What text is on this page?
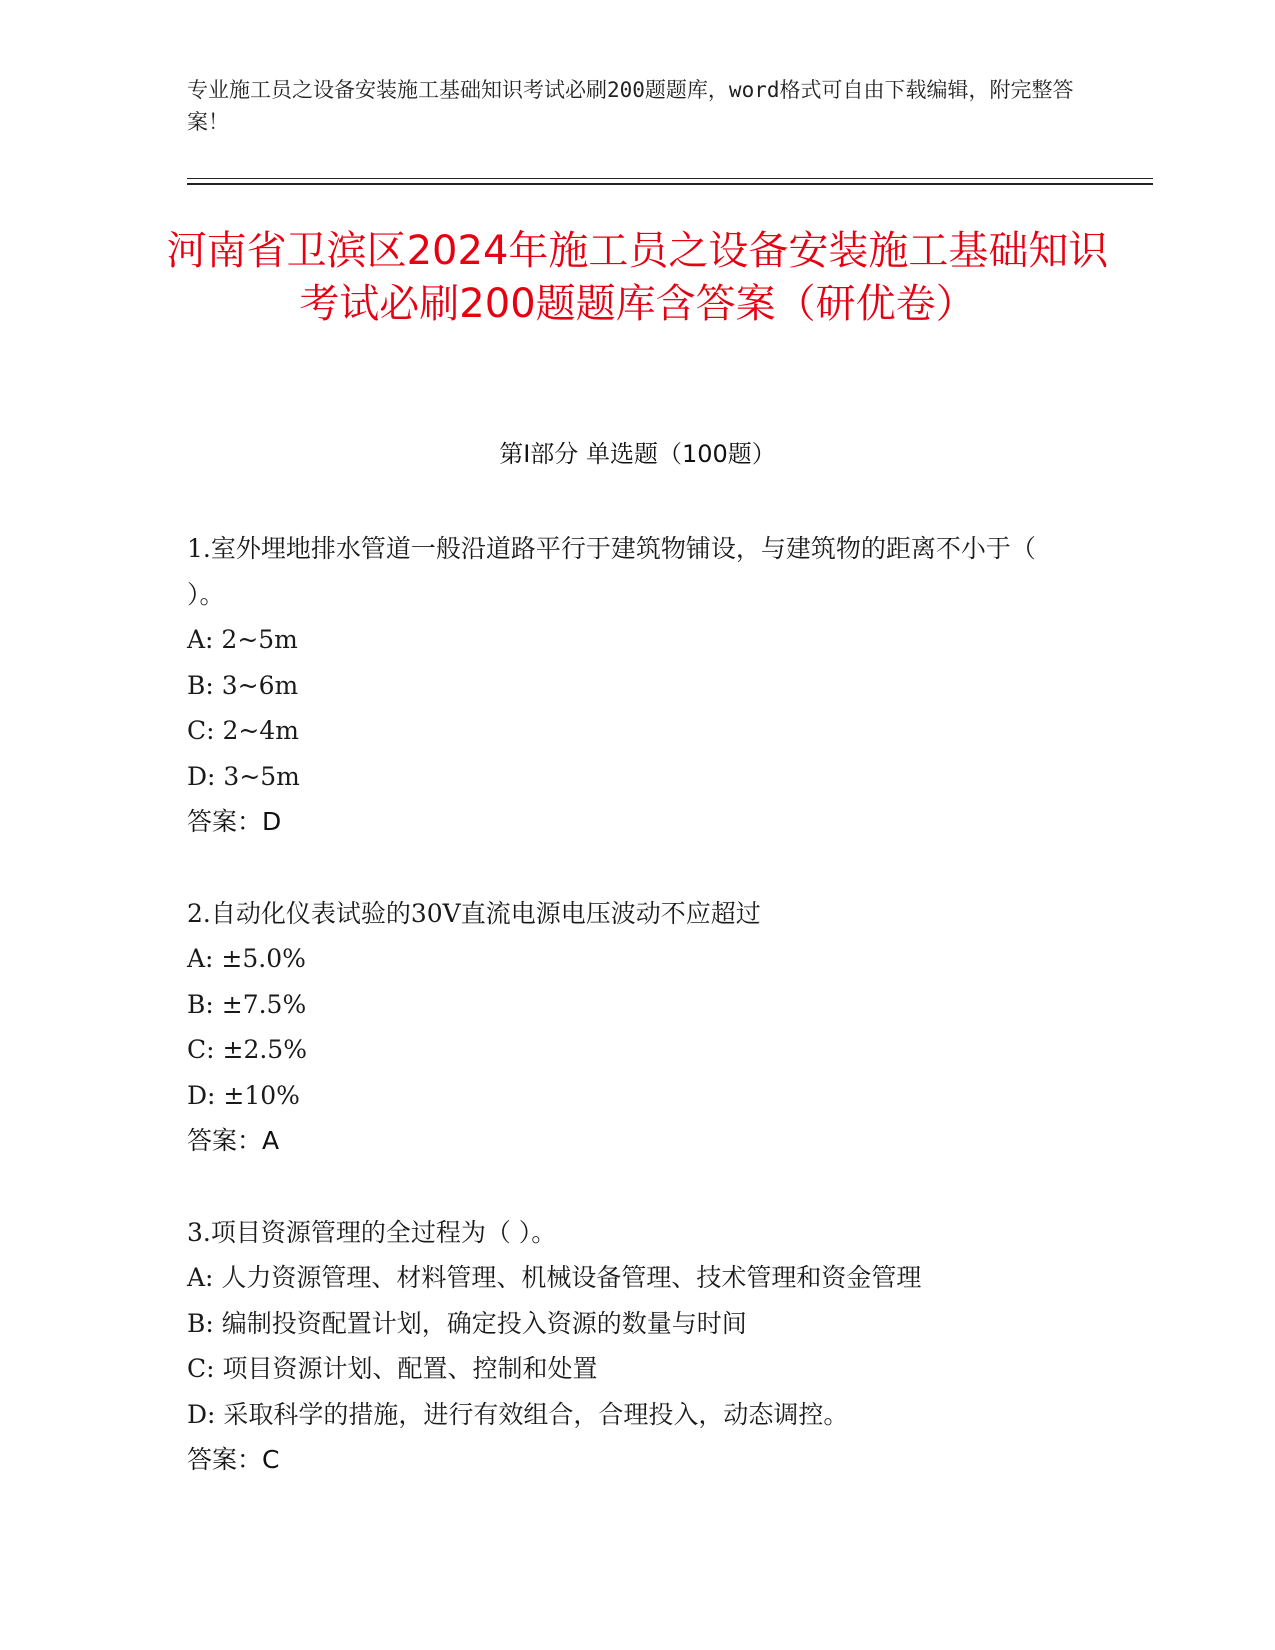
专业施工员之设备安装施工基础知识考试必刷200题题库，word格式可自由下载编辑，附完整答案！
河南省卫滨区2024年施工员之设备安装施工基础知识考试必刷200题题库含答案（研优卷）
第I部分 单选题（100题）

1.室外埋地排水管道一般沿道路平行于建筑物铺设，与建筑物的距离不小于（ ）。

A: 2~5m

B: 3~6m

C: 2~4m

D: 3~5m

答案：D

2.自动化仪表试验的30V直流电源电压波动不应超过

A: ±5.0%

B: ±7.5%

C: ±2.5%

D: ±10%

答案：A

3.项目资源管理的全过程为（ ）。

A: 人力资源管理、材料管理、机械设备管理、技术管理和资金管理

B: 编制投资配置计划，确定投入资源的数量与时间

C: 项目资源计划、配置、控制和处置

D: 采取科学的措施，进行有效组合，合理投入，动态调控。

答案：C
